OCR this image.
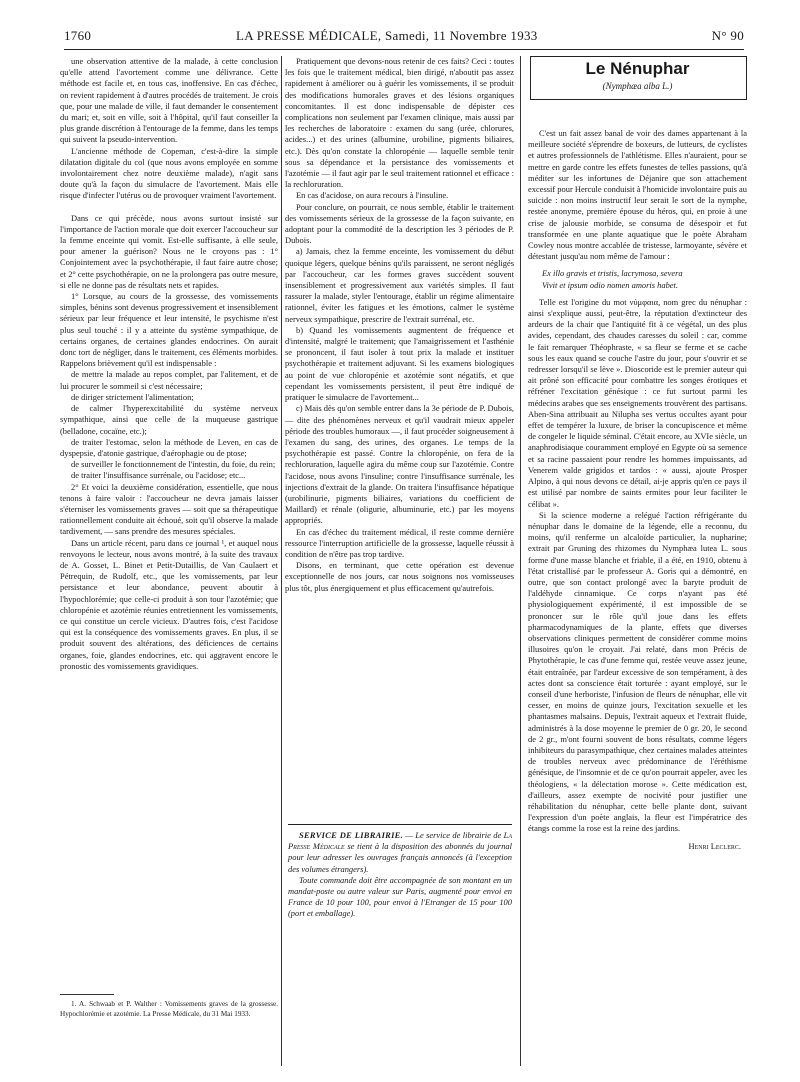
1760	LA PRESSE MÉDICALE, Samedi, 11 Novembre 1933	N° 90

une observation attentive de la malade, à cette conclusion qu'elle attend l'avortement comme une délivrance. Cette méthode est facile et, en tous cas, inoffensive. En cas d'échec, on revient rapidement à d'autres procédés de traitement. Je crois que, pour une malade de ville, il faut demander le consentement du mari; et, soit en ville, soit à l'hôpital, qu'il faut conseiller la plus grande discrétion à l'entourage de la femme, dans les temps qui suivent la pseudo-intervention.

L'ancienne méthode de Copeman, c'est-à-dire la simple dilatation digitale du col (que nous avons employée en somme involontairement chez notre deuxième malade), n'agit sans doute qu'à la façon du simulacre de l'avortement. Mais elle risque d'infecter l'utérus ou de provoquer vraiment l'avortement.

Dans ce qui précède, nous avons surtout insisté sur l'importance de l'action morale que doit exercer l'accoucheur sur la femme enceinte qui vomit. Est-elle suffisante, à elle seule, pour amener la guérison? Nous ne le croyons pas : 1° Conjointement avec la psychothérapie, il faut faire autre chose; et 2° cette psychothérapie, on ne la prolongera pas outre mesure, si elle ne donne pas de résultats nets et rapides.

1° Lorsque, au cours de la grossesse, des vomissements simples, bénins sont devenus progressivement et insensiblement sérieux par leur fréquence et leur intensité, le psychisme n'est plus seul touché : il y a atteinte du système sympathique, de certains organes, de certaines glandes endocrines. On aurait donc tort de négliger, dans le traitement, ces éléments morbides. Rappelons brièvement qu'il est indispensable :

de mettre la malade au repos complet, par l'alitement, et de lui procurer le sommeil si c'est nécessaire;

de diriger strictement l'alimentation;

de calmer l'hyperexcitabilité du système nerveux sympathique, ainsi que celle de la muqueuse gastrique (belladone, cocaïne, etc.);

de traiter l'estomac, selon la méthode de Leven, en cas de dyspepsie, d'atonie gastrique, d'aérophagie ou de ptose;

de surveiller le fonctionnement de l'intestin, du foie, du rein;

de traiter l'insuffisance surrénale, ou l'acidose; etc...

2° Et voici la deuxième considération, essentielle, que nous tenons à faire valoir : l'accoucheur ne devra jamais laisser s'éterniser les vomissements graves — soit que sa thérapeutique rationnellement conduite ait échoué, soit qu'il observe la malade tardivement, — sans prendre des mesures spéciales.

Dans un article récent, paru dans ce journal ¹, et auquel nous renvoyons le lecteur, nous avons montré, à la suite des travaux de A. Gosset, L. Binet et Petit-Dutaillis, de Van Caulaert et Pétrequin, de Rudolf, etc., que les vomissements, par leur persistance et leur abondance, peuvent aboutir à l'hypochlorémie; que celle-ci produit à son tour l'azotémie; que chloropénie et azotémie réunies entretiennent les vomissements, ce qui constitue un cercle vicieux. D'autres fois, c'est l'acidose qui est la conséquence des vomissements graves. En plus, il se produit souvent des altérations, des déficiences de certains organes, foie, glandes endocrines, etc. qui aggravent encore le pronostic des vomissements gravidiques.

1. A. Schwaab et P. Walther : Vomissements graves de la grossesse. Hypochlorémie et azotémie. La Presse Médicale, du 31 Mai 1933.

Pratiquement que devons-nous retenir de ces faits? Ceci : toutes les fois que le traitement médical, bien dirigé, n'aboutit pas assez rapidement à améliorer ou à guérir les vomissements, il se produit des modifications humorales graves et des lésions organiques concomitantes. Il est donc indispensable de dépister ces complications non seulement par l'examen clinique, mais aussi par les recherches de laboratoire : examen du sang (urée, chlorures, acides...) et des urines (albumine, urobiline, pigments biliaires, etc.). Dès qu'on constate la chloropénie — laquelle semble tenir sous sa dépendance et la persistance des vomissements et l'azotémie — il faut agir par le seul traitement rationnel et efficace : la rechloruration.

En cas d'acidose, on aura recours à l'insuline.

Pour conclure, on pourrait, ce nous semble, établir le traitement des vomissements sérieux de la grossesse de la façon suivante, en adoptant pour la commodité de la description les 3 périodes de P. Dubois.

a) Jamais, chez la femme enceinte, les vomissement du début quoique légers, quelque bénins qu'ils paraissent, ne seront négligés par l'accoucheur, car les formes graves succèdent souvent insensiblement et progressivement aux variétés simples. Il faut rassurer la malade, styler l'entourage, établir un régime alimentaire rationnel, éviter les fatigues et les émotions, calmer le système nerveux sympathique, prescrire de l'extrait surrénal, etc.

b) Quand les vomissements augmentent de fréquence et d'intensité, malgré le traitement; que l'amaigrissement et l'asthénie se prononcent, il faut isoler à tout prix la malade et instituer psychothérapie et traitement adjuvant. Si les examens biologiques au point de vue chloropénie et azotémie sont négatifs, et que cependant les vomissements persistent, il peut être indiqué de pratiquer le simulacre de l'avortement...

c) Mais dès qu'on semble entrer dans la 3e période de P. Dubois, — dite des phénomènes nerveux et qu'il vaudrait mieux appeler période des troubles humoraux —, il faut procéder soigneusement à l'examen du sang, des urines, des organes. Le temps de la psychothérapie est passé. Contre la chloropénie, on fera de la rechloruration, laquelle agira du même coup sur l'azotémie. Contre l'acidose, nous avons l'insuline; contre l'insuffisance surrénale, les injections d'extrait de la glande. On traitera l'insuffisance hépatique (urobilinurie, pigments biliaires, variations du coefficient de Maillard) et rénale (oligurie, albuminurie, etc.) par les moyens appropriés.

En cas d'échec du traitement médical, il reste comme dernière ressource l'interruption artificielle de la grossesse, laquelle réussit à condition de n'être pas trop tardive.

Disons, en terminant, que cette opération est devenue exceptionnelle de nos jours, car nous soignons nos vomisseuses plus tôt, plus énergiquement et plus efficacement qu'autrefois.

SERVICE DE LIBRAIRIE. — Le service de librairie de La Presse Médicale se tient à la disposition des abonnés du journal pour leur adresser les ouvrages français annoncés (à l'exception des volumes étrangers).

Toute commande doit être accompagnée de son montant en un mandat-poste ou autre valeur sur Paris, augmenté pour envoi en France de 10 pour 100, pour envoi à l'Etranger de 15 pour 100 (port et emballage).

Le Nénuphar
(Nymphæa alba L.)

C'est un fait assez banal de voir des dames appartenant à la meilleure société s'éprendre de boxeurs, de lutteurs, de cyclistes et autres professionnels de l'athlétisme. Elles n'auraient, pour se mettre en garde contre les effets funestes de telles passions, qu'à méditer sur les infortunes de Déjanire que son attachement excessif pour Hercule conduisit à l'homicide involontaire puis au suicide : non moins instructif leur serait le sort de la nymphe, restée anonyme, première épouse du héros, qui, en proie à une crise de jalousie morbide, se consuma de désespoir et fut transformée en une plante aquatique que le poète Abraham Cowley nous montre accablée de tristesse, larmoyante, sévère et détestant jusqu'au nom même de l'amour :

Ex illo gravis et tristis, lacrymosa, severa
Vivit et ipsum odio nomen amoris habet.

Telle est l'origine du mot νύμφαια, nom grec du nénuphar : ainsi s'explique aussi, peut-être, la réputation d'extincteur des ardeurs de la chair que l'antiquité fit à ce végétal, un des plus avides, cependant, des chaudes caresses du soleil : car, comme le fait remarquer Théophraste, « sa fleur se ferme et se cache sous les eaux quand se couche l'astre du jour, pour s'ouvrir et se redresser lorsqu'il se lève ». Dioscoride est le premier auteur qui ait prôné son efficacité pour combattre les songes érotiques et réfréner l'excitation génésique : ce fut surtout parmi les médecins arabes que ses enseignements trouvèrent des partisans. Aben-Sina attribuait au Nilupha ses vertus occultes ayant pour effet de tempérer la luxure, de briser la concupiscence et même de congeler le liquide séminal. C'était encore, au XVIe siècle, un anaphrodisiaque couramment employé en Egypte où sa semence et sa racine passaient pour rendre les hommes impuissants, ad Venerem valde grigidos et tardos : « aussi, ajoute Prosper Alpino, à qui nous devons ce détail, ai-je appris qu'en ce pays il est utilisé par nombre de saints ermites pour leur faciliter le célibat ».

Si la science moderne a relégué l'action réfrigérante du nénuphar dans le domaine de la légende, elle a reconnu, du moins, qu'il renferme un alcaloïde particulier, la nupharine; extrait par Gruning des rhizomes du Nymphæa lutea L. sous forme d'une masse blanche et friable, il a été, en 1910, obtenu à l'état cristallisé par le professeur A. Goris qui a démontré, en outre, que son contact prolongé avec la baryte produit de l'aldéhyde cinnamique. Ce corps n'ayant pas été physiologiquement expérimenté, il est impossible de se prononcer sur le rôle qu'il joue dans les effets pharmacodynamiques de la plante, effets que diverses observations cliniques permettent de considérer comme moins illusoires qu'on le croyait. J'ai relaté, dans mon Précis de Phytothérapie, le cas d'une femme qui, restée veuve assez jeune, était entraînée, par l'ardeur excessive de son tempérament, à des actes dont sa conscience était torturée : ayant employé, sur le conseil d'une herboriste, l'infusion de fleurs de nénuphar, elle vit cesser, en moins de quinze jours, l'excitation sexuelle et les phantasmes malsains. Depuis, l'extrait aqueux et l'extrait fluide, administrés à la dose moyenne le premier de 0 gr. 20, le second de 2 gr., m'ont fourni souvent de bons résultats, comme légers inhibiteurs du parasympathique, chez certaines malades atteintes de troubles nerveux avec prédominance de l'éréthisme génésique, de l'insomnie et de ce qu'on pourrait appeler, avec les théologiens, « la délectation morose ». Cette médication est, d'ailleurs, assez exempte de nocivité pour justifier une réhabilitation du nénuphar, cette belle plante dont, suivant l'expression d'un poète anglais, la fleur est l'impératrice des étangs comme la rose est la reine des jardins.

Henri Leclerc.
